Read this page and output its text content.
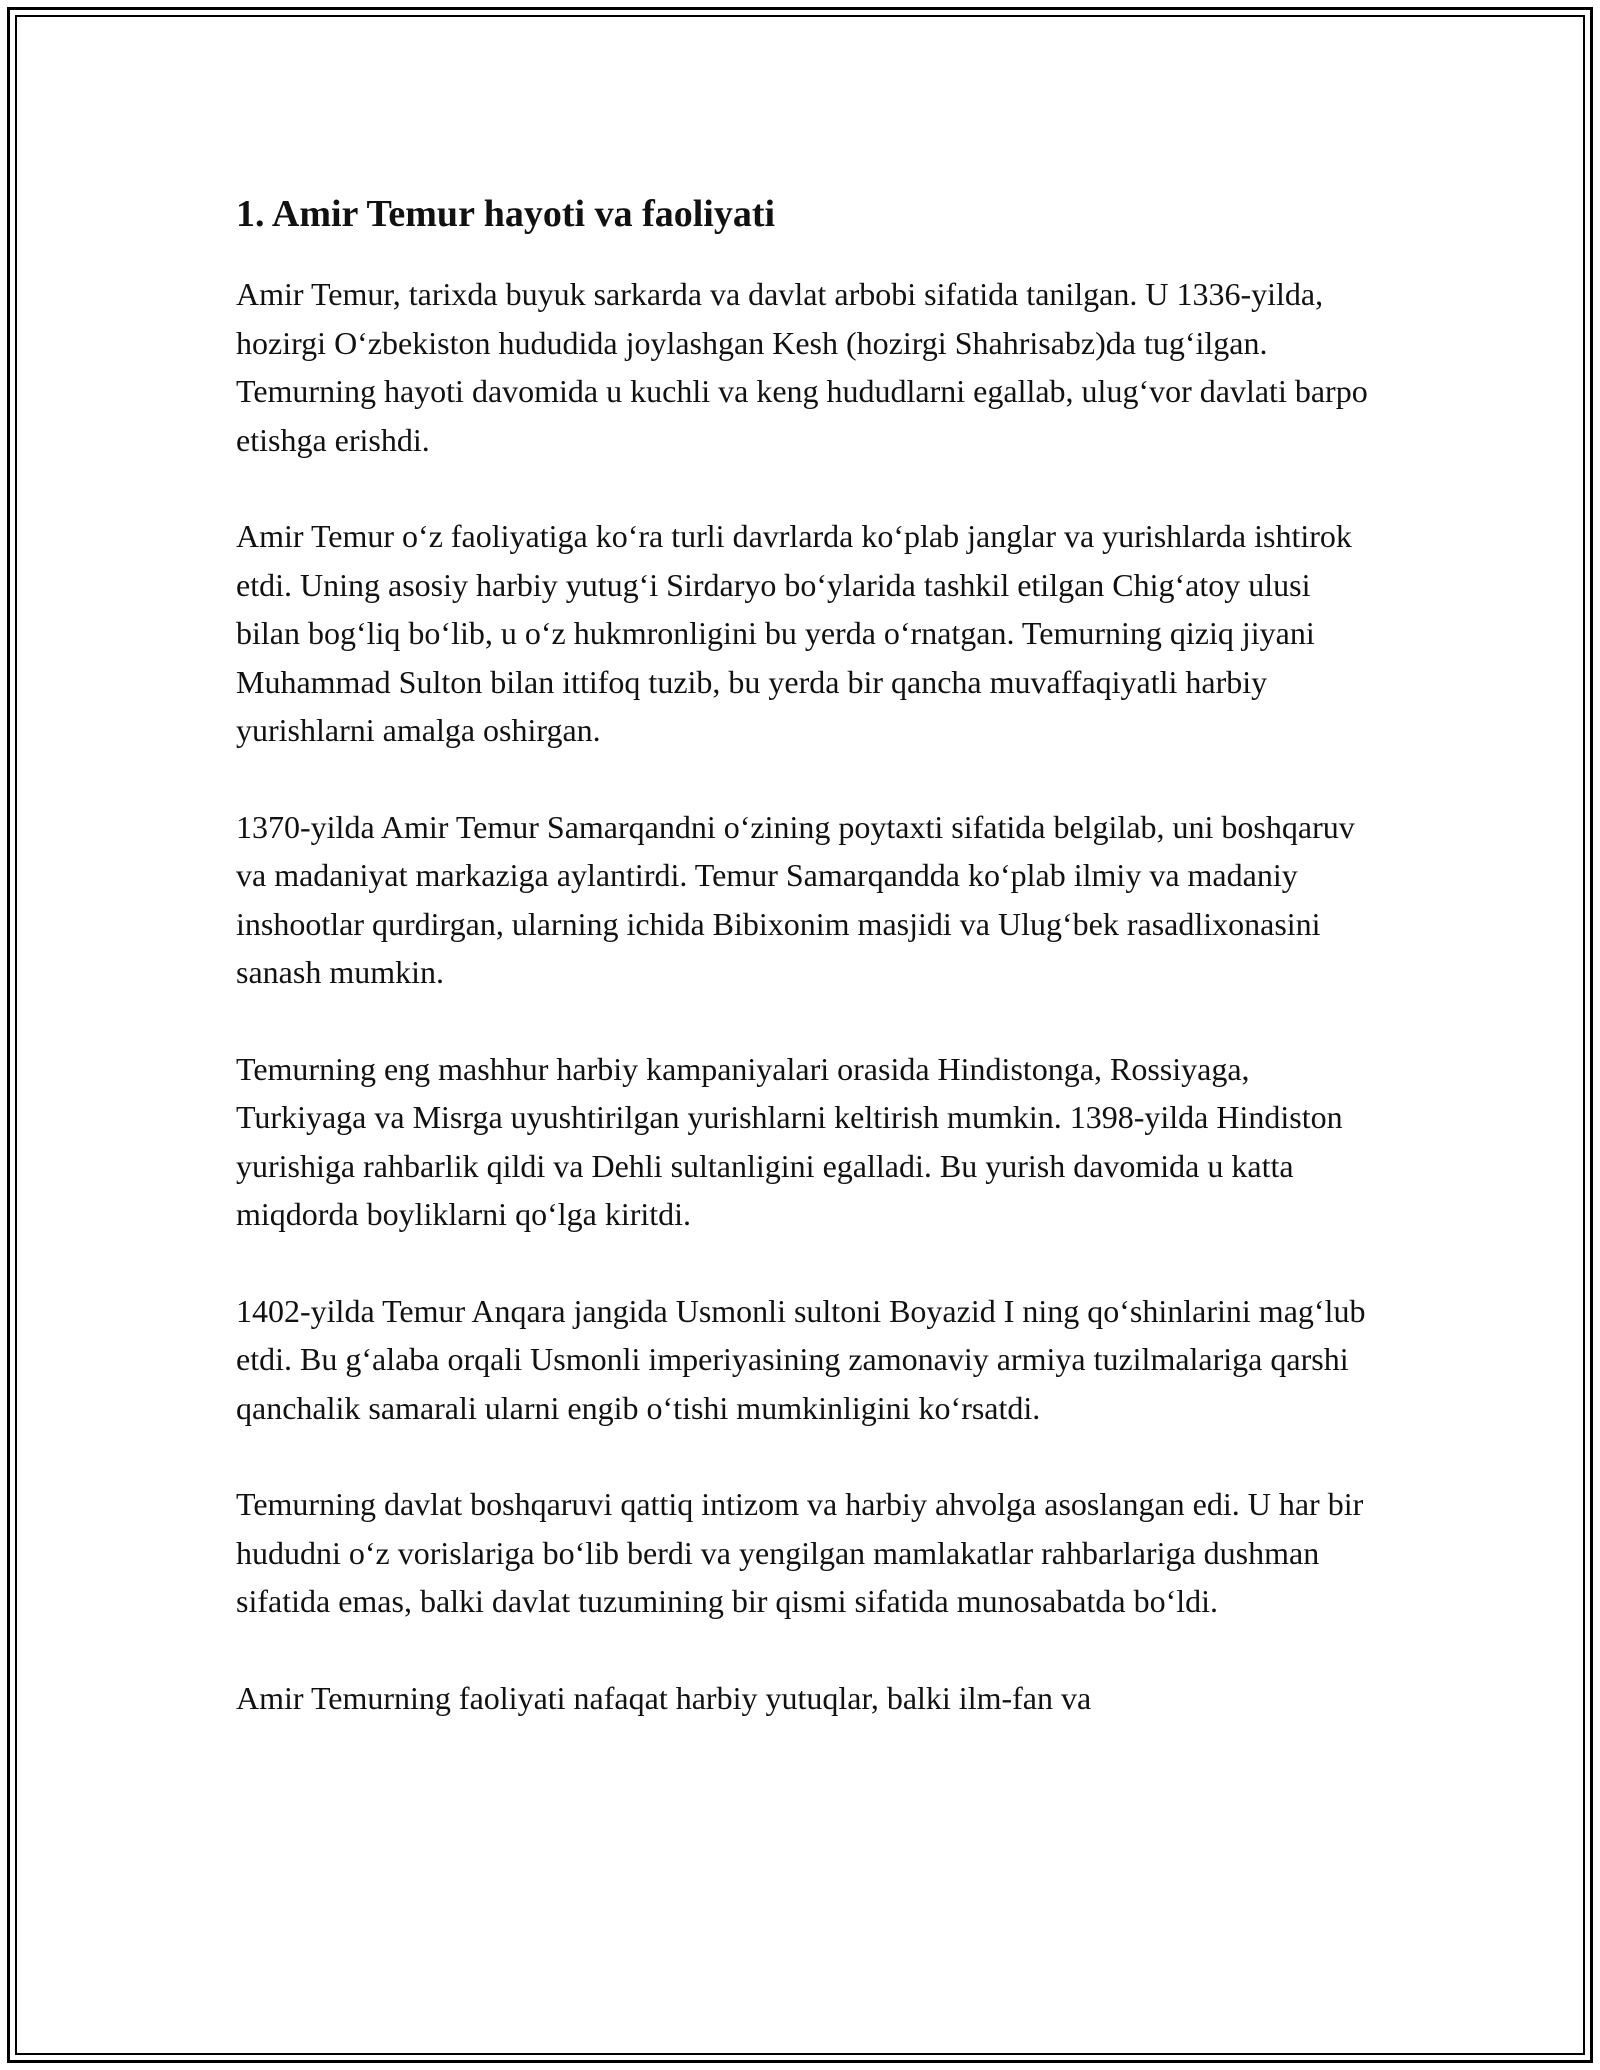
1. Amir Temur hayoti va faoliyati

Amir Temur, tarixda buyuk sarkarda va davlat arbobi sifatida tanilgan. U 1336-yilda, hozirgi O‘zbekiston hududida joylashgan Kesh (hozirgi Shahrisabz)da tug‘ilgan. Temurning hayoti davomida u kuchli va keng hududlarni egallab, ulug‘vor davlati barpo etishga erishdi.

Amir Temur o‘z faoliyatiga ko‘ra turli davrlarda ko‘plab janglar va yurishlarda ishtirok etdi. Uning asosiy harbiy yutug‘i Sirdaryo bo‘ylarida tashkil etilgan Chig‘atoy ulusi bilan bog‘liq bo‘lib, u o‘z hukmronligini bu yerda o‘rnatgan. Temurning qiziq jiyani Muhammad Sulton bilan ittifoq tuzib, bu yerda bir qancha muvaffaqiyatli harbiy yurishlarni amalga oshirgan.

1370-yilda Amir Temur Samarqandni o‘zining poytaxti sifatida belgilab, uni boshqaruv va madaniyat markaziga aylantirdi. Temur Samarqandda ko‘plab ilmiy va madaniy inshootlar qurdirgan, ularning ichida Bibixonim masjidi va Ulug‘bek rasadlixonasini sanash mumkin.

Temurning eng mashhur harbiy kampaniyalari orasida Hindistonga, Rossiyaga, Turkiyaga va Misrga uyushtirilgan yurishlarni keltirish mumkin. 1398-yilda Hindiston yurishiga rahbarlik qildi va Dehli sultanligini egalladi. Bu yurish davomida u katta miqdorda boyliklarni qo‘lga kiritdi.

1402-yilda Temur Anqara jangida Usmonli sultoni Boyazid I ning qo‘shinlarini mag‘lub etdi. Bu g‘alaba orqali Usmonli imperiyasining zamonaviy armiya tuzilmalariga qarshi qanchalik samarali ularni engib o‘tishi mumkinligini ko‘rsatdi.

Temurning davlat boshqaruvi qattiq intizom va harbiy ahvolga asoslangan edi. U har bir hududni o‘z vorislariga bo‘lib berdi va yengilgan mamlakatlar rahbarlariga dushman sifatida emas, balki davlat tuzumining bir qismi sifatida munosabatda bo‘ldi.

Amir Temurning faoliyati nafaqat harbiy yutuqlar, balki ilm-fan va
